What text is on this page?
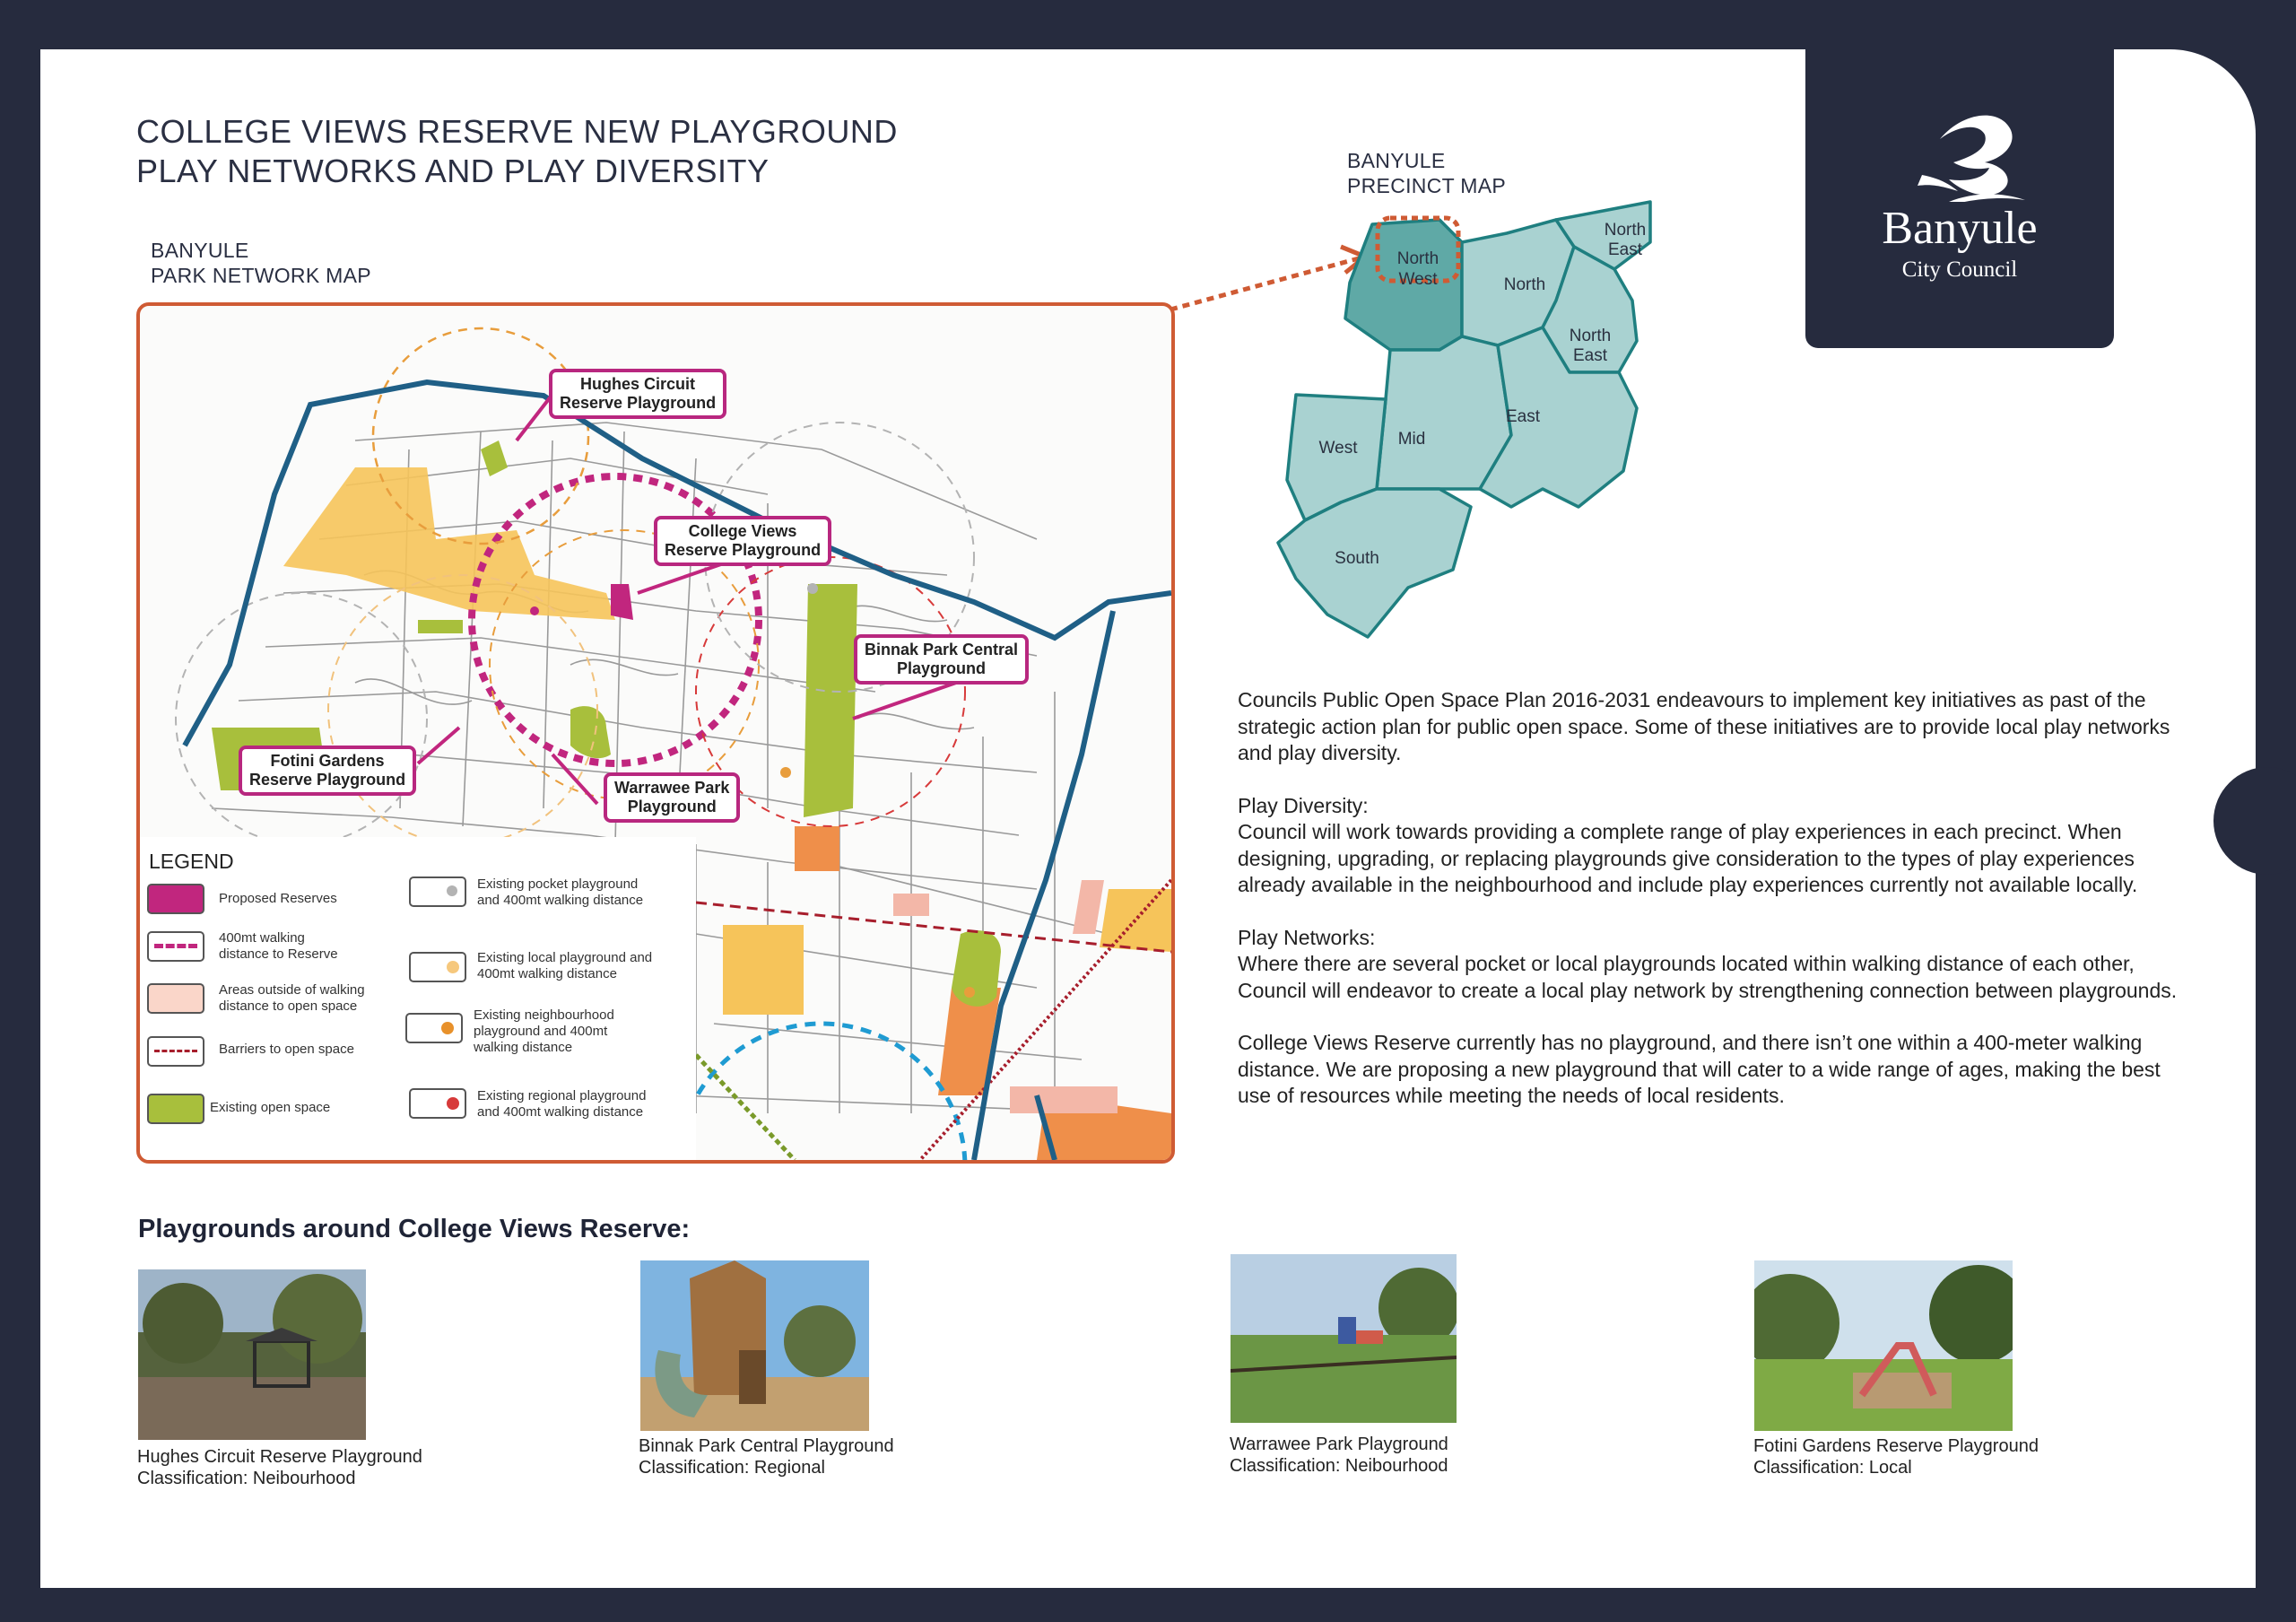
Banyule
City Council
COLLEGE VIEWS RESERVE NEW PLAYGROUND
PLAY NETWORKS AND PLAY DIVERSITY
BANYULE
PARK NETWORK MAP
BANYULE
PRECINCT MAP
Hughes Circuit
Reserve Playground
College Views
Reserve Playground
Binnak Park Central
Playground
Fotini Gardens
Reserve Playground	Warrawee Park
Playground
LEGEND
Proposed Reserves
400mt walking
distance to Reserve
Areas outside of walking
distance to open space
Barriers to open space
Existing open space
Existing pocket playground
and 400mt walking distance
Existing local playground and
400mt walking distance
Existing neighbourhood
playground and 400mt
walking distance
Existing regional playground
and 400mt walking distance
North
West	North
North
East
North
East
East
Mid
West
South

Councils Public Open Space Plan 2016-2031 endeavours to implement key initiatives as past of the strategic action plan for public open space. Some of these initiatives are to provide local play networks and play diversity.

Play Diversity:

Council will work towards providing a complete range of play experiences in each precinct. When designing, upgrading, or replacing playgrounds give consideration to the types of play experiences already available in the neighbourhood and include play experiences currently not available locally.

Play Networks:

Where there are several pocket or local playgrounds located within walking distance of each other, Council will endeavor to create a local play network by strengthening connection between playgrounds.

College Views Reserve currently has no playground, and there isn’t one within a 400-meter walking distance. We are proposing a new playground that will cater to a wide range of ages, making the best use of resources while meeting the needs of local residents.

Playgrounds around College Views Reserve:
Hughes Circuit Reserve Playground
Classification: Neibourhood
Binnak Park Central Playground
Classification: Regional
Warrawee Park Playground
Classification: Neibourhood
Fotini Gardens Reserve Playground
Classification: Local
